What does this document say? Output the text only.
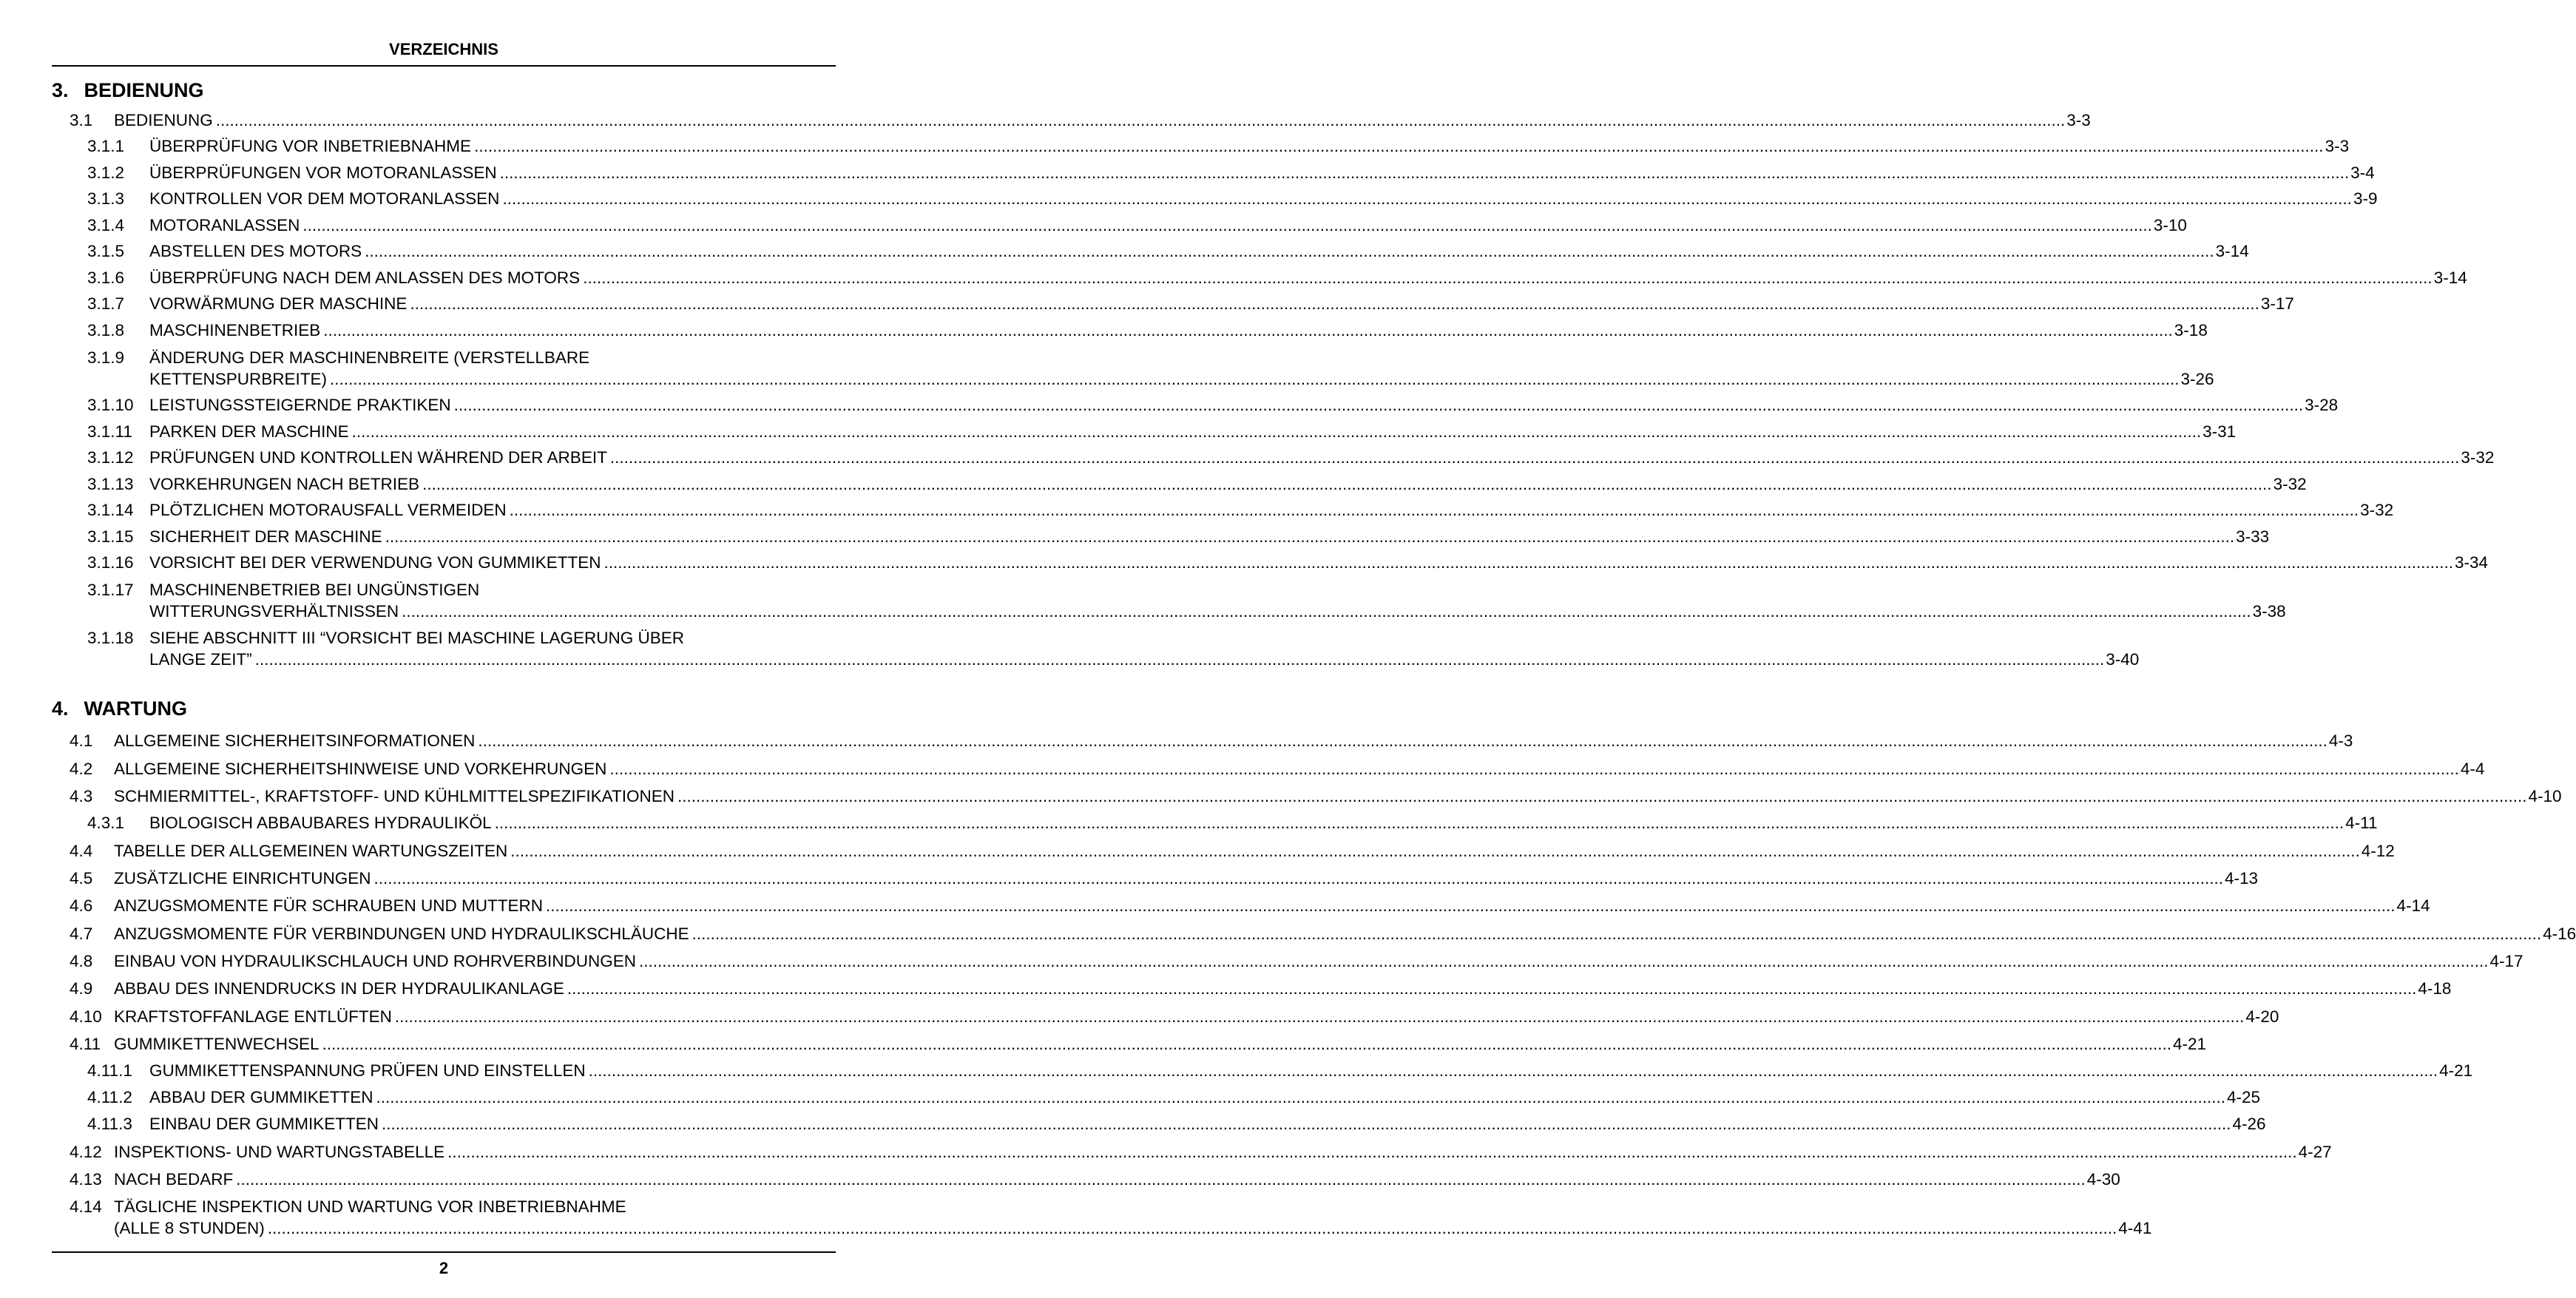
VERZEICHNIS
3. BEDIENUNG
4. WARTUNG
3.1 BEDIENUNG ................................................................................................................................................................................................................................................................................................................................................................................................................ 3-3
3.1.1 ÜBERPRÜFUNG VOR INBETRIEBNAHME ................................................................................................................................................................................................................................................................................................................................................................................................................ 3-3
3.1.2 ÜBERPRÜFUNGEN VOR MOTORANLASSEN ................................................................................................................................................................................................................................................................................................................................................................................................................ 3-4
3.1.3 KONTROLLEN VOR DEM MOTORANLASSEN ................................................................................................................................................................................................................................................................................................................................................................................................................ 3-9
3.1.4 MOTORANLASSEN ................................................................................................................................................................................................................................................................................................................................................................................................................ 3-10
3.1.5 ABSTELLEN DES MOTORS ................................................................................................................................................................................................................................................................................................................................................................................................................ 3-14
3.1.6 ÜBERPRÜFUNG NACH DEM ANLASSEN DES MOTORS ................................................................................................................................................................................................................................................................................................................................................................................................................ 3-14
3.1.7 VORWÄRMUNG DER MASCHINE ................................................................................................................................................................................................................................................................................................................................................................................................................ 3-17
3.1.8 MASCHINENBETRIEB ................................................................................................................................................................................................................................................................................................................................................................................................................ 3-18
3.1.9 ÄNDERUNG DER MASCHINENBREITE (VERSTELLBARE
KETTENSPURBREITE) ................................................................................................................................................................................................................................................................................................................................................................................................................ 3-26
3.1.10 LEISTUNGSSTEIGERNDE PRAKTIKEN ................................................................................................................................................................................................................................................................................................................................................................................................................ 3-28
3.1.11 PARKEN DER MASCHINE ................................................................................................................................................................................................................................................................................................................................................................................................................ 3-31
3.1.12 PRÜFUNGEN UND KONTROLLEN WÄHREND DER ARBEIT ................................................................................................................................................................................................................................................................................................................................................................................................................ 3-32
3.1.13 VORKEHRUNGEN NACH BETRIEB ................................................................................................................................................................................................................................................................................................................................................................................................................ 3-32
3.1.14 PLÖTZLICHEN MOTORAUSFALL VERMEIDEN ................................................................................................................................................................................................................................................................................................................................................................................................................ 3-32
3.1.15 SICHERHEIT DER MASCHINE ................................................................................................................................................................................................................................................................................................................................................................................................................ 3-33
3.1.16 VORSICHT BEI DER VERWENDUNG VON GUMMIKETTEN ................................................................................................................................................................................................................................................................................................................................................................................................................ 3-34
3.1.17 MASCHINENBETRIEB BEI UNGÜNSTIGEN
WITTERUNGSVERHÄLTNISSEN ................................................................................................................................................................................................................................................................................................................................................................................................................ 3-38
3.1.18 SIEHE ABSCHNITT III “VORSICHT BEI MASCHINE LAGERUNG ÜBER
LANGE ZEIT” ................................................................................................................................................................................................................................................................................................................................................................................................................ 3-40
4.1 ALLGEMEINE SICHERHEITSINFORMATIONEN ................................................................................................................................................................................................................................................................................................................................................................................................................ 4-3
4.2 ALLGEMEINE SICHERHEITSHINWEISE UND VORKEHRUNGEN ................................................................................................................................................................................................................................................................................................................................................................................................................ 4-4
4.3 SCHMIERMITTEL-, KRAFTSTOFF- UND KÜHLMITTELSPEZIFIKATIONEN ................................................................................................................................................................................................................................................................................................................................................................................................................ 4-10
4.3.1 BIOLOGISCH ABBAUBARES HYDRAULIKÖL ................................................................................................................................................................................................................................................................................................................................................................................................................ 4-11
4.4 TABELLE DER ALLGEMEINEN WARTUNGSZEITEN ................................................................................................................................................................................................................................................................................................................................................................................................................ 4-12
4.5 ZUSÄTZLICHE EINRICHTUNGEN ................................................................................................................................................................................................................................................................................................................................................................................................................ 4-13
4.6 ANZUGSMOMENTE FÜR SCHRAUBEN UND MUTTERN ................................................................................................................................................................................................................................................................................................................................................................................................................ 4-14
4.7 ANZUGSMOMENTE FÜR VERBINDUNGEN UND HYDRAULIKSCHLÄUCHE ................................................................................................................................................................................................................................................................................................................................................................................................................ 4-16
4.8 EINBAU VON HYDRAULIKSCHLAUCH UND ROHRVERBINDUNGEN ................................................................................................................................................................................................................................................................................................................................................................................................................ 4-17
4.9 ABBAU DES INNENDRUCKS IN DER HYDRAULIKANLAGE ................................................................................................................................................................................................................................................................................................................................................................................................................ 4-18
4.10 KRAFTSTOFFANLAGE ENTLÜFTEN ................................................................................................................................................................................................................................................................................................................................................................................................................ 4-20
4.11 GUMMIKETTENWECHSEL ................................................................................................................................................................................................................................................................................................................................................................................................................ 4-21
4.11.1 GUMMIKETTENSPANNUNG PRÜFEN UND EINSTELLEN ................................................................................................................................................................................................................................................................................................................................................................................................................ 4-21
4.11.2 ABBAU DER GUMMIKETTEN ................................................................................................................................................................................................................................................................................................................................................................................................................ 4-25
4.11.3 EINBAU DER GUMMIKETTEN ................................................................................................................................................................................................................................................................................................................................................................................................................ 4-26
4.12 INSPEKTIONS- UND WARTUNGSTABELLE ................................................................................................................................................................................................................................................................................................................................................................................................................ 4-27
4.13 NACH BEDARF ................................................................................................................................................................................................................................................................................................................................................................................................................ 4-30
4.14 TÄGLICHE INSPEKTION UND WARTUNG VOR INBETRIEBNAHME
(ALLE 8 STUNDEN) ................................................................................................................................................................................................................................................................................................................................................................................................................ 4-41
2
